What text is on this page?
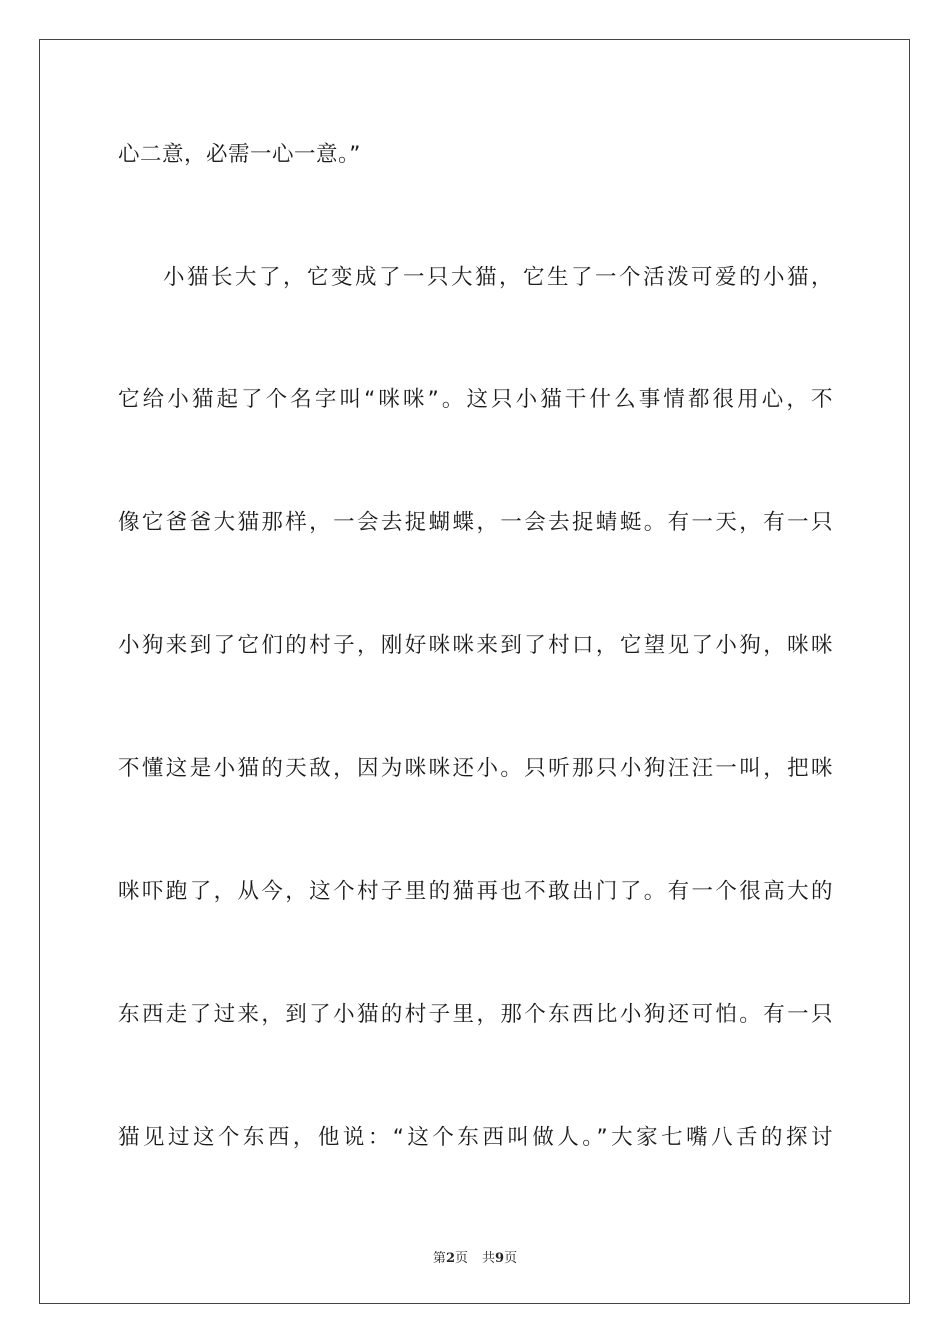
心二意，必需一心一意。”
小猫长大了，它变成了一只大猫，它生了一个活泼可爱的小猫，
它给小猫起了个名字叫“咪咪”。这只小猫干什么事情都很用心，不
像它爸爸大猫那样，一会去捉蝴蝶，一会去捉蜻蜓。有一天，有一只
小狗来到了它们的村子，刚好咪咪来到了村口，它望见了小狗，咪咪
不懂这是小猫的天敌，因为咪咪还小。只听那只小狗汪汪一叫，把咪
咪吓跑了，从今，这个村子里的猫再也不敢出门了。有一个很高大的
东西走了过来，到了小猫的村子里，那个东西比小狗还可怕。有一只
猫见过这个东西，他说：“这个东西叫做人。”大家七嘴八舌的探讨
第2页 共9页
